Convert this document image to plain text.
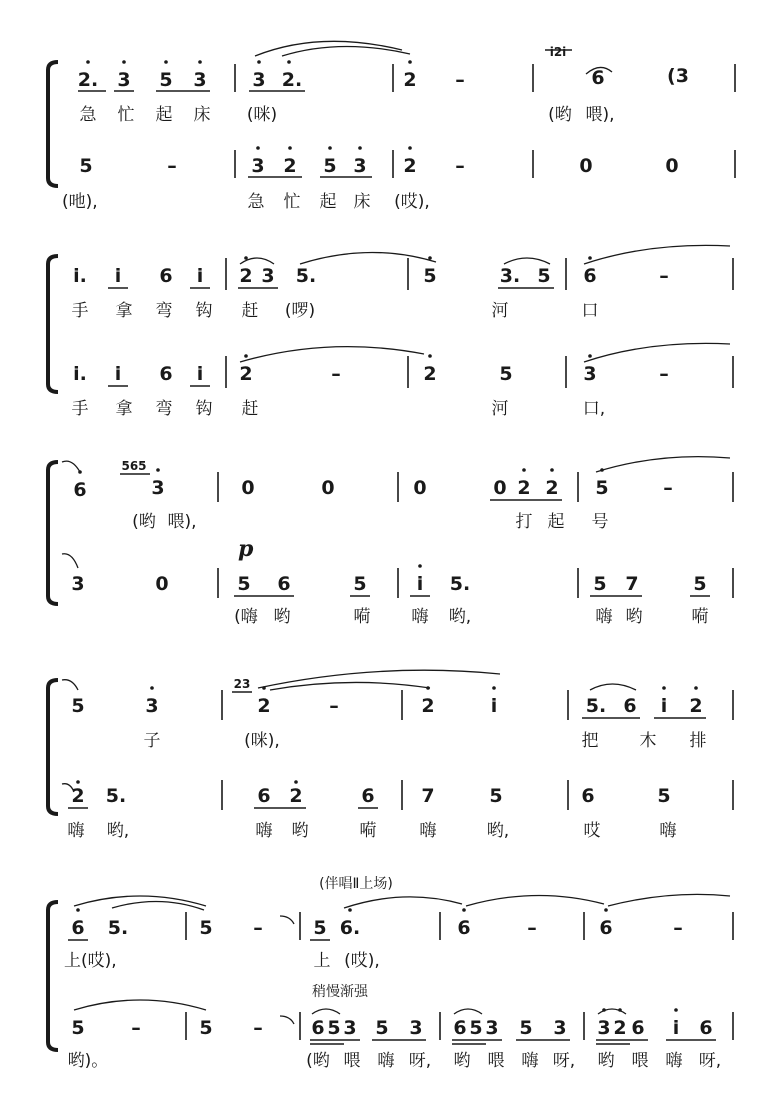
2. 3 5 3 3 2.	2 –
i2i
6	(3
急 忙 起 床 (咪)	(哟 喂),
5	–	3 2 5 3 2 –	0	0
(吔),	急 忙 起 床 (哎),
i. i 6 i 2 3 5.	5	3. 5 6	–
手 拿 弯 钩 赶 (啰)	河	口
i. i 6 i 2	–	2	5	3	–
手 拿 弯 钩 赶	河	口,
565
6	3	0	0	0	0 2 2 5	–
(哟 喂),	打 起 号
p
3	0	5 6	5	i 5.	5 7	5
(嗨 哟	嗬 嗨 哟,	嗨 哟	嗬
5	3
23
2	–	2	i	5. 6 i 2
子	(咪),	把 木 排
2 5.	6 2	6 7	5	6	5
嗨 哟,	嗨 哟	嗬	嗨	哟,	哎	嗨
(伴唱Ⅱ上场)
6 5.	5 –	5 6.	6	–	6	–
上(哎),	上 (哎),
稍慢渐强
5 –	5 –	6 5 3 5 3 6 5 3 5 3 3 2 6 i 6
哟)。	(哟 喂 嗨 呀, 哟 喂 嗨 呀, 哟 喂 嗨 呀,
